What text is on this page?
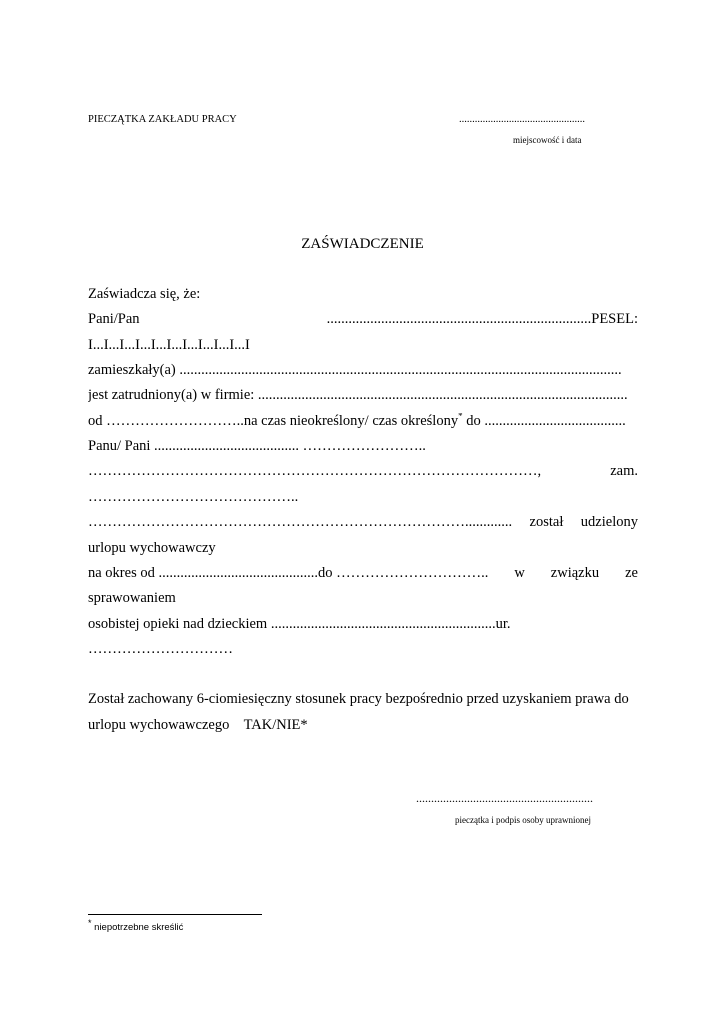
PIECZĄTKA ZAKŁADU PRACY	................................................
miejscowość i data
ZAŚWIADCZENIE
Zaświadcza się, że:
Pani/Pan	.........................................................................PESEL:
I...I...I...I...I...I...I...I...I...I...I
zamieszkały(a) ..........................................................................................................................
jest zatrudniony(a) w firmie: ......................................................................................................
od ………………………..na czas nieokreślony/ czas określony* do .......................................
Panu/ Pani ........................................ ……………………..
…………………………………………………………………………………,	zam.
……………………………………..
……………………………………………………………………............. został udzielony
urlopu wychowawczy
na okres od ............................................do ………………………….. w związku ze
sprawowaniem
osobistej opieki nad dzieckiem ..............................................................ur.
…………………………
Został zachowany 6-ciomiesięczny stosunek pracy bezpośrednio przed uzyskaniem prawa do
urlopu wychowawczego    TAK/NIE*
...........................................................
pieczątka i podpis osoby uprawnionej
* niepotrzebne skreślić
